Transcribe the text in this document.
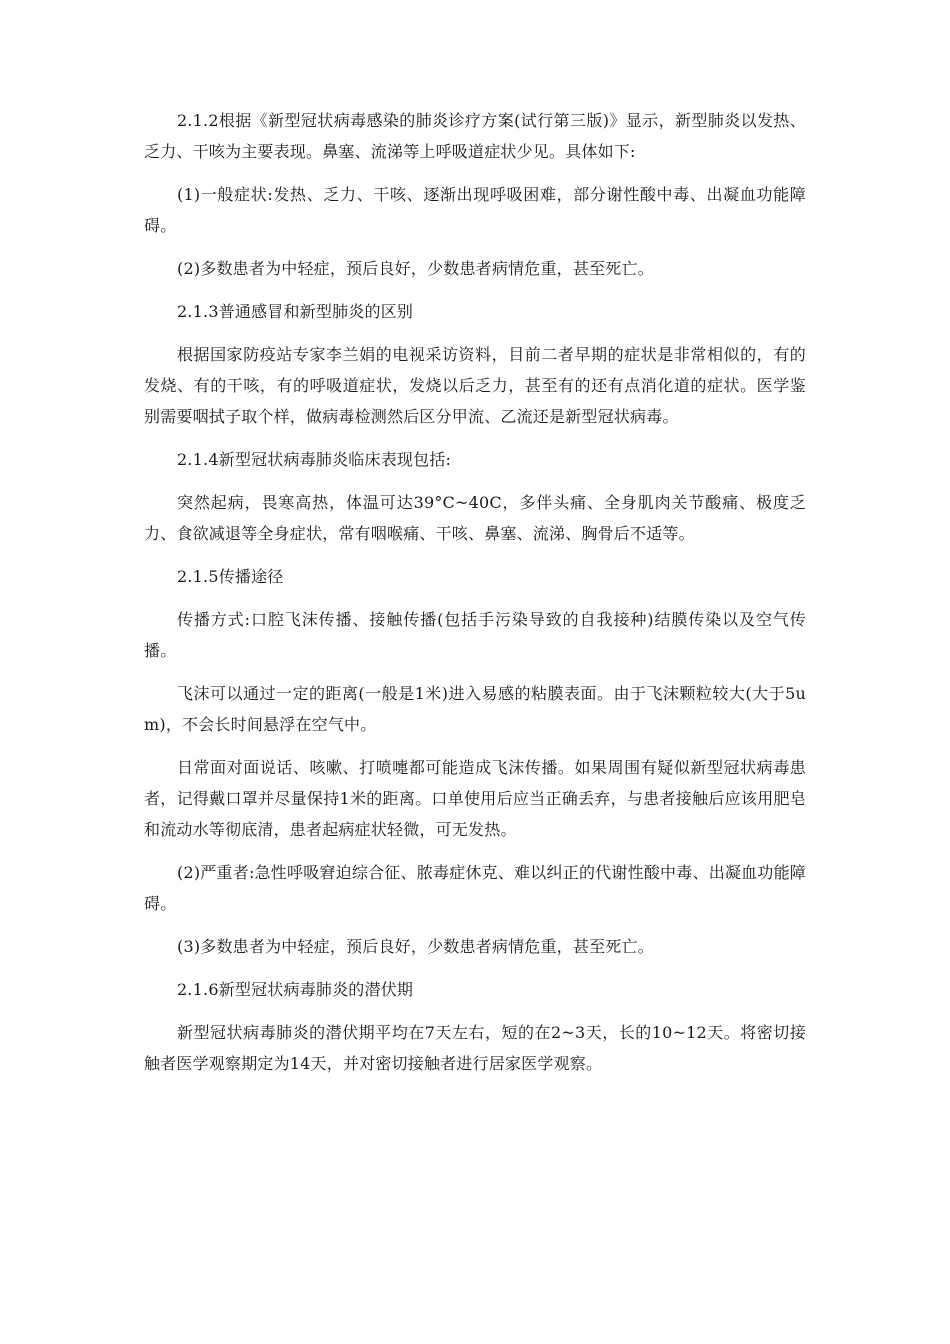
2.1.2根据《新型冠状病毒感染的肺炎诊疗方案(试行第三版)》显示，新型肺炎以发热、乏力、干咳为主要表现。鼻塞、流涕等上呼吸道症状少见。具体如下:

(1)一般症状:发热、乏力、干咳、逐渐出现呼吸困难，部分谢性酸中毒、出凝血功能障碍。

(2)多数患者为中轻症，预后良好，少数患者病情危重，甚至死亡。

2.1.3普通感冒和新型肺炎的区别

根据国家防疫站专家李兰娟的电视采访资料，目前二者早期的症状是非常相似的，有的发烧、有的干咳，有的呼吸道症状，发烧以后乏力，甚至有的还有点消化道的症状。医学鉴别需要咽拭子取个样，做病毒检测然后区分甲流、乙流还是新型冠状病毒。

2.1.4新型冠状病毒肺炎临床表现包括:

突然起病，畏寒高热，体温可达39°C~40C，多伴头痛、全身肌肉关节酸痛、极度乏力、食欲减退等全身症状，常有咽喉痛、干咳、鼻塞、流涕、胸骨后不适等。

2.1.5传播途径

传播方式:口腔飞沫传播、接触传播(包括手污染导致的自我接种)结膜传染以及空气传播。

飞沫可以通过一定的距离(一般是1米)进入易感的粘膜表面。由于飞沫颗粒较大(大于5um)，不会长时间悬浮在空气中。

日常面对面说话、咳嗽、打喷嚏都可能造成飞沫传播。如果周围有疑似新型冠状病毒患者，记得戴口罩并尽量保持1米的距离。口单使用后应当正确丢弃，与患者接触后应该用肥皂和流动水等彻底清，患者起病症状轻微，可无发热。

(2)严重者:急性呼吸窘迫综合征、脓毒症休克、难以纠正的代谢性酸中毒、出凝血功能障碍。

(3)多数患者为中轻症，预后良好，少数患者病情危重，甚至死亡。

2.1.6新型冠状病毒肺炎的潜伏期

新型冠状病毒肺炎的潜伏期平均在7天左右，短的在2~3天，长的10~12天。将密切接触者医学观察期定为14天，并对密切接触者进行居家医学观察。
